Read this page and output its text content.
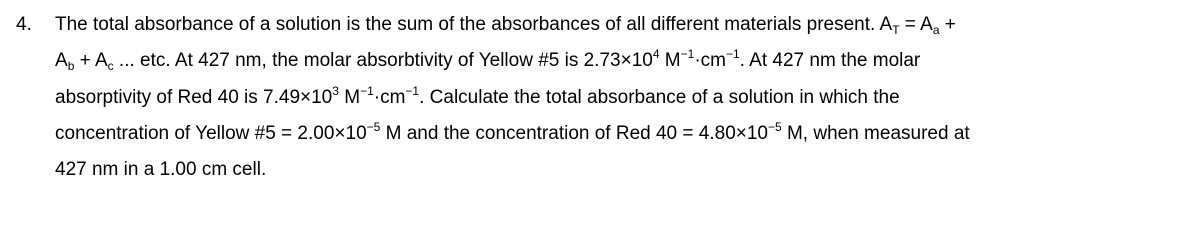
4. The total absorbance of a solution is the sum of the absorbances of all different materials present. $A_T = A_a$ +
$A_b + A_c$ ... etc. At 427 nm, the molar absorbtivity of Yellow #5 is $2.73\times 10^4$ $M^{-1}\cdot cm^{-1}$. At 427 nm the molar
absorptivity of Red 40 is $7.49\times 10^3$ $M^{-1}\cdot cm^{-1}$. Calculate the total absorbance of a solution in which the
concentration of Yellow #5 = $2.00\times 10^{-5}$ M and the concentration of Red $40 = 4.80\times 10^{-5}$ M, when measured at
427 nm in a 1.00 cm cell.
